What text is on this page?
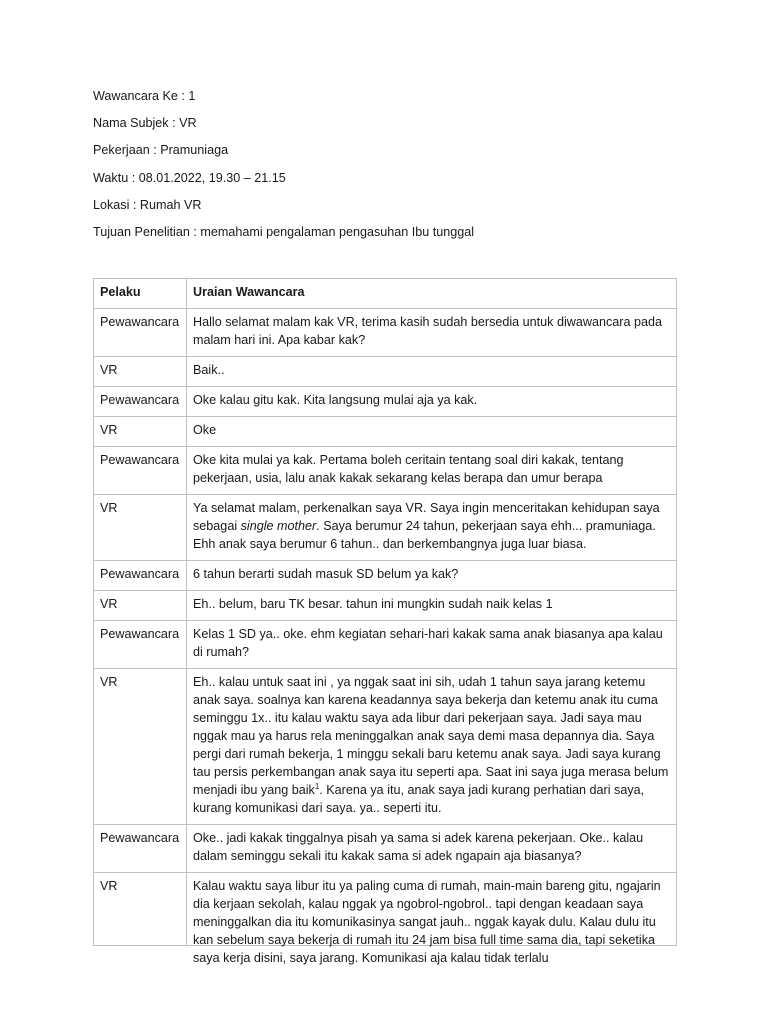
Wawancara Ke : 1
Nama Subjek : VR
Pekerjaan : Pramuniaga
Waktu : 08.01.2022, 19.30 – 21.15
Lokasi : Rumah VR
Tujuan Penelitian : memahami pengalaman pengasuhan Ibu tunggal
Pelaku	Uraian Wawancara
Pewawancara	Hallo selamat malam kak VR, terima kasih sudah bersedia untuk diwawancara pada malam hari ini. Apa kabar kak?
VR	Baik..
Pewawancara	Oke kalau gitu kak. Kita langsung mulai aja ya kak.
VR	Oke
Pewawancara	Oke kita mulai ya kak. Pertama boleh ceritain tentang soal diri kakak, tentang pekerjaan, usia, lalu anak kakak sekarang kelas berapa dan umur berapa
VR	Ya selamat malam, perkenalkan saya VR. Saya ingin menceritakan kehidupan saya sebagai single mother. Saya berumur 24 tahun, pekerjaan saya ehh... pramuniaga. Ehh anak saya berumur 6 tahun.. dan berkembangnya juga luar biasa.
Pewawancara	6 tahun berarti sudah masuk SD belum ya kak?
VR	Eh.. belum, baru TK besar. tahun ini mungkin sudah naik kelas 1
Pewawancara	Kelas 1 SD ya.. oke. ehm kegiatan sehari-hari kakak sama anak biasanya apa kalau di rumah?
VR	Eh.. kalau untuk saat ini , ya nggak saat ini sih, udah 1 tahun saya jarang ketemu anak saya. soalnya kan karena keadannya saya bekerja dan ketemu anak itu cuma seminggu 1x.. itu kalau waktu saya ada libur dari pekerjaan saya. Jadi saya mau nggak mau ya harus rela meninggalkan anak saya demi masa depannya dia. Saya pergi dari rumah bekerja, 1 minggu sekali baru ketemu anak saya. Jadi saya kurang tau persis perkembangan anak saya itu seperti apa. Saat ini saya juga merasa belum menjadi ibu yang baik$^1$. Karena ya itu, anak saya jadi kurang perhatian dari saya, kurang komunikasi dari saya. ya.. seperti itu.
Pewawancara	Oke.. jadi kakak tinggalnya pisah ya sama si adek karena pekerjaan. Oke.. kalau dalam seminggu sekali itu kakak sama si adek ngapain aja biasanya?
VR	Kalau waktu saya libur itu ya paling cuma di rumah, main-main bareng gitu, ngajarin dia kerjaan sekolah, kalau nggak ya ngobrol-ngobrol.. tapi dengan keadaan saya meninggalkan dia itu komunikasinya sangat jauh.. nggak kayak dulu. Kalau dulu itu kan sebelum saya bekerja di rumah itu 24 jam bisa full time sama dia, tapi seketika saya kerja disini, saya jarang. Komunikasi aja kalau tidak terlalu
